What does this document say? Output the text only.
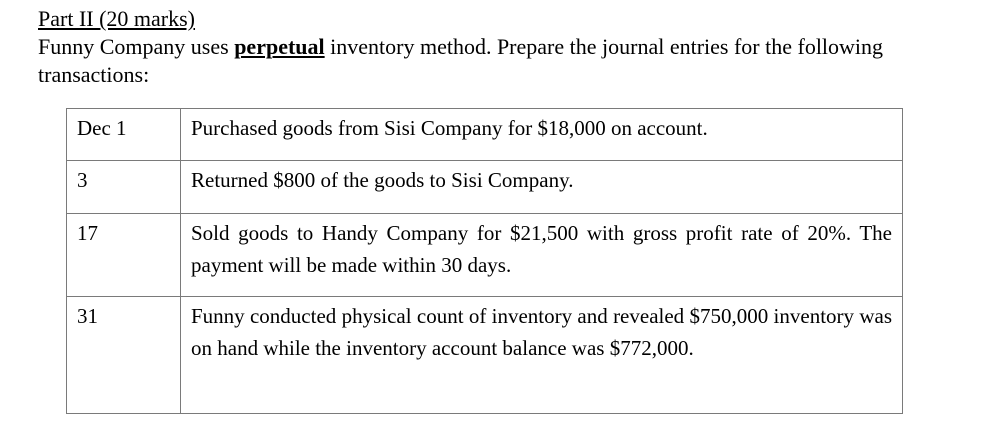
Part II (20 marks)
Funny Company uses perpetual inventory method. Prepare the journal entries for the following transactions:
Dec 1	Purchased goods from Sisi Company for $18,000 on account.
3	Returned $800 of the goods to Sisi Company.
17	Sold goods to Handy Company for $21,500 with gross profit rate of 20%. The payment will be made within 30 days.
31	Funny conducted physical count of inventory and revealed $750,000 inventory was on hand while the inventory account balance was $772,000.
